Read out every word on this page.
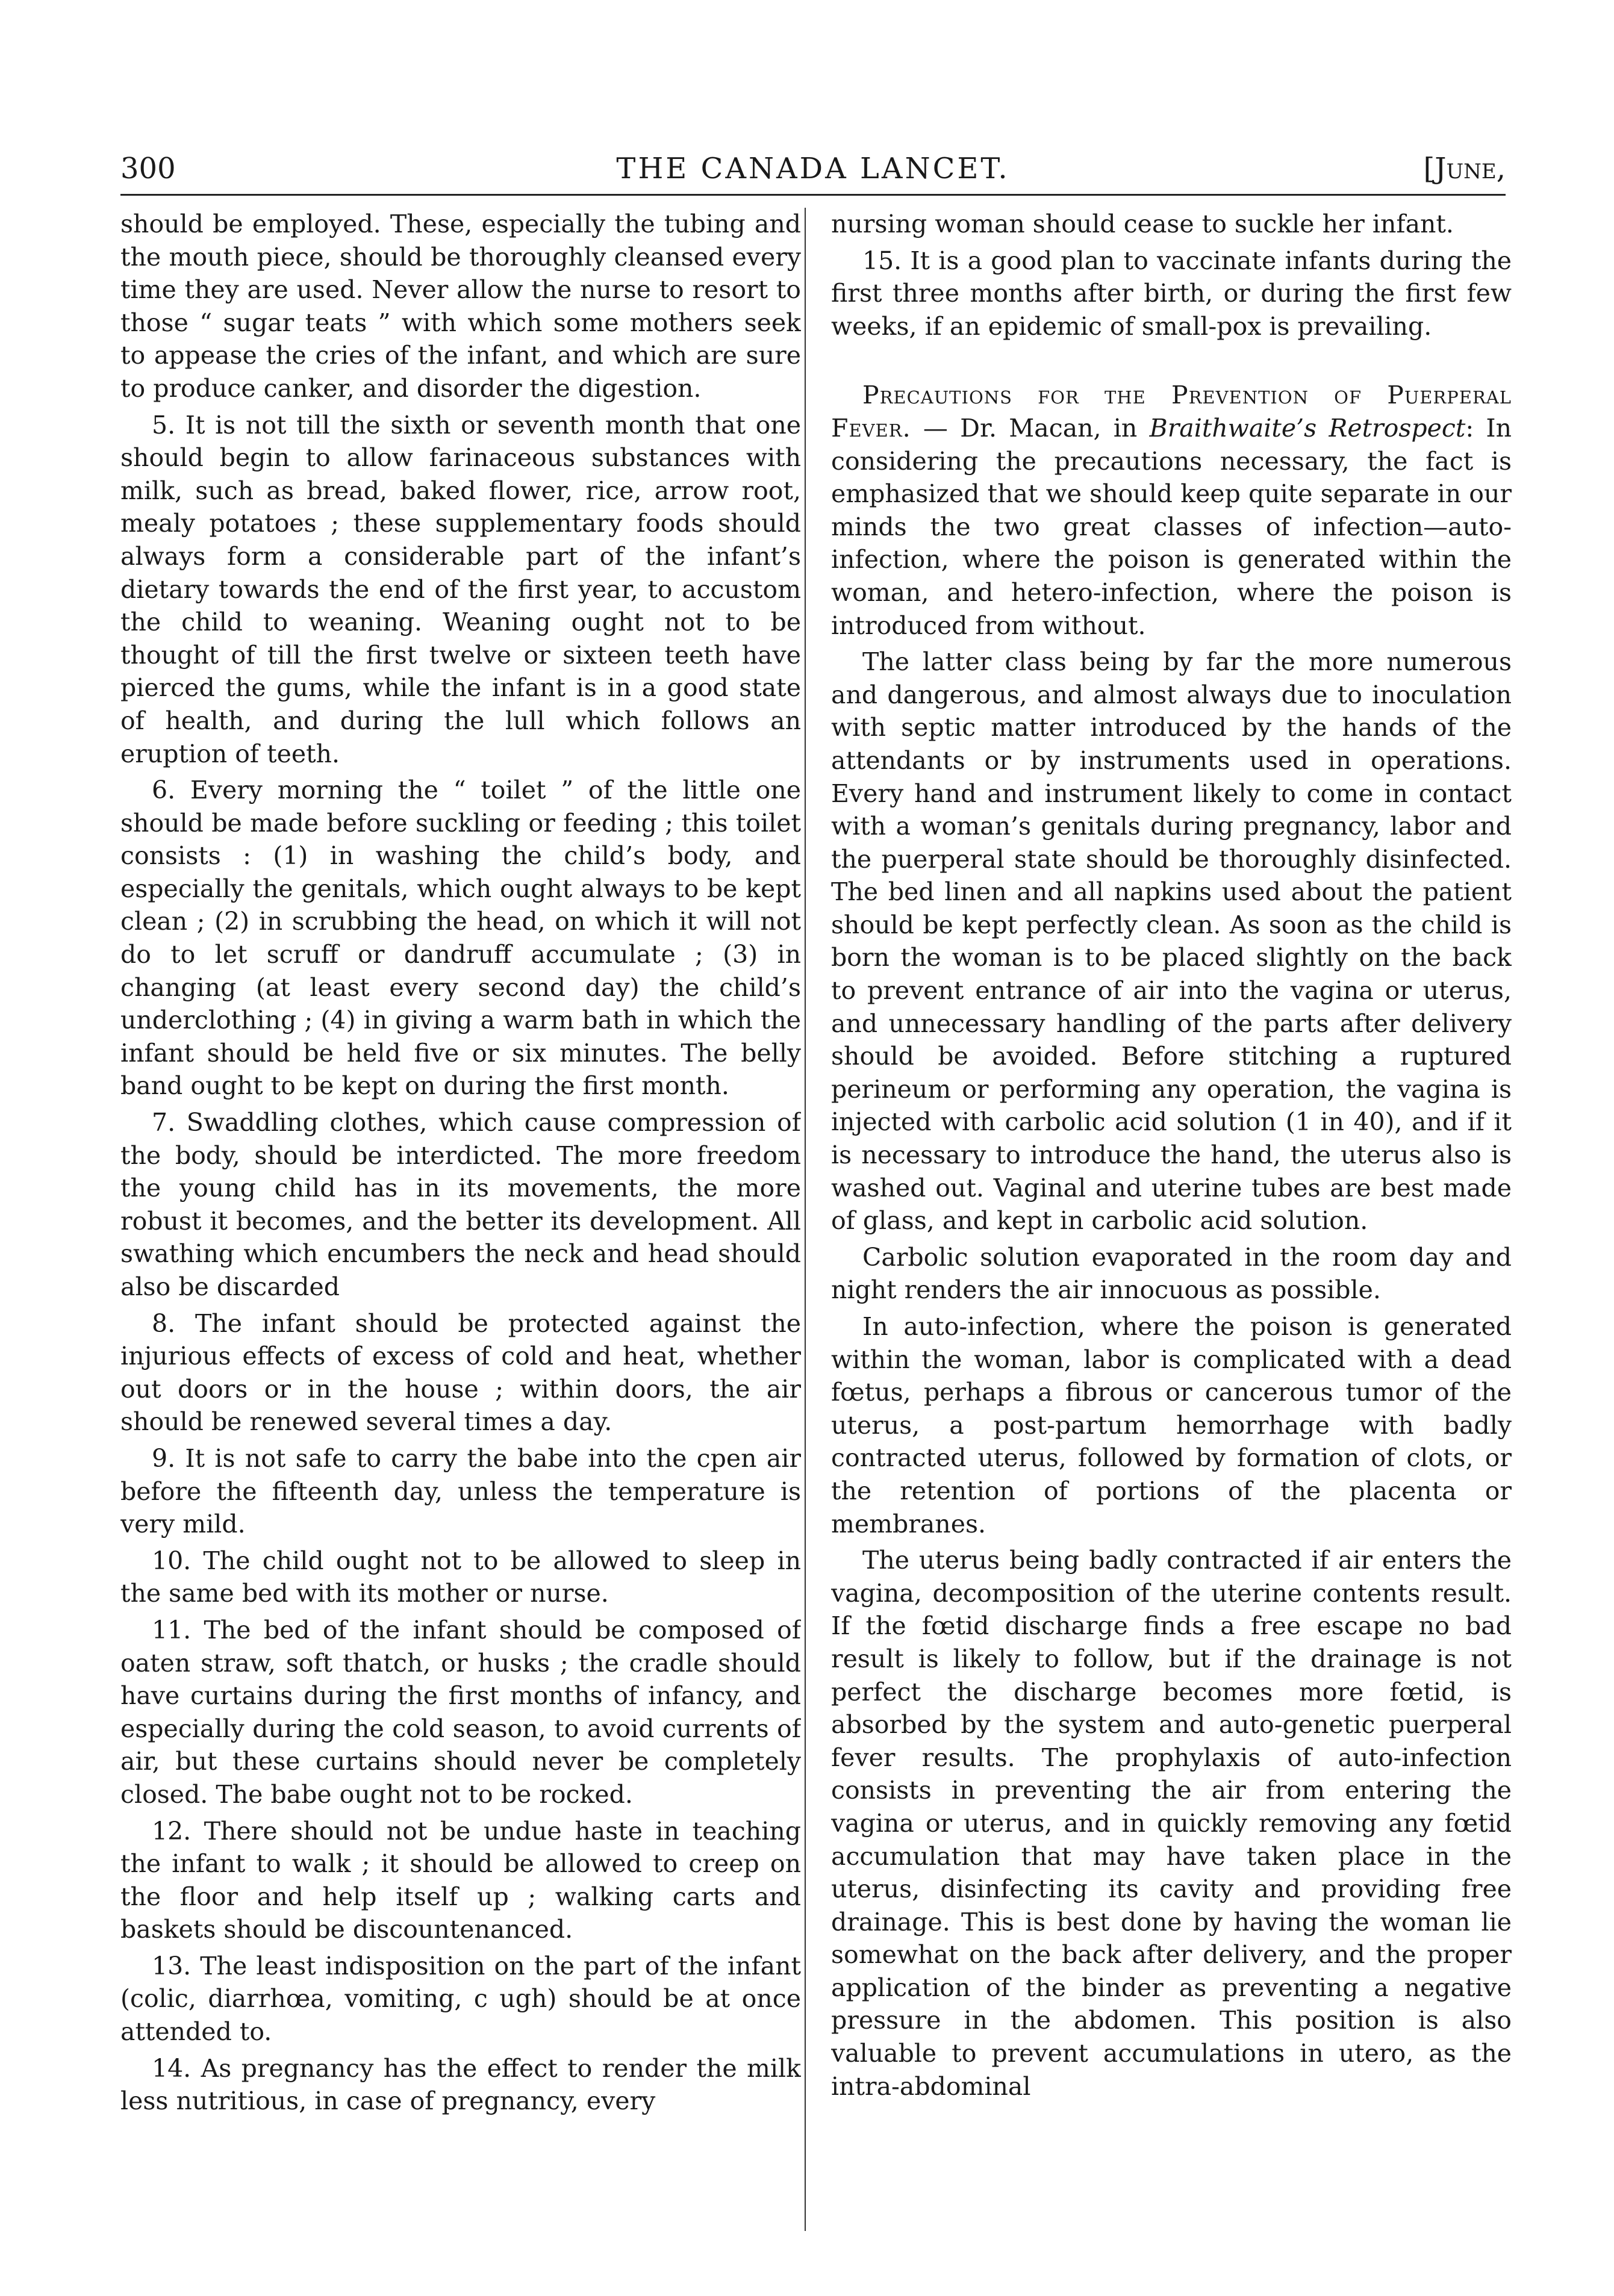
300	THE CANADA LANCET.	[June,

should be employed. These, especially the tubing and the mouth piece, should be thoroughly cleansed every time they are used. Never allow the nurse to resort to those “ sugar teats ” with which some mothers seek to appease the cries of the infant, and which are sure to produce canker, and disorder the digestion.

5. It is not till the sixth or seventh month that one should begin to allow farinaceous substances with milk, such as bread, baked flower, rice, arrow root, mealy potatoes ; these supplementary foods should always form a considerable part of the infant’s dietary towards the end of the first year, to accustom the child to weaning. Weaning ought not to be thought of till the first twelve or sixteen teeth have pierced the gums, while the infant is in a good state of health, and during the lull which follows an eruption of teeth.

6. Every morning the “ toilet ” of the little one should be made before suckling or feeding ; this toilet consists : (1) in washing the child’s body, and especially the genitals, which ought always to be kept clean ; (2) in scrubbing the head, on which it will not do to let scruff or dandruff accumulate ; (3) in changing (at least every second day) the child’s underclothing ; (4) in giving a warm bath in which the infant should be held five or six minutes. The belly band ought to be kept on during the first month.

7. Swaddling clothes, which cause compression of the body, should be interdicted. The more freedom the young child has in its movements, the more robust it becomes, and the better its development. All swathing which encumbers the neck and head should also be discarded

8. The infant should be protected against the injurious effects of excess of cold and heat, whether out doors or in the house ; within doors, the air should be renewed several times a day.

9. It is not safe to carry the babe into the cpen air before the fifteenth day, unless the temperature is very mild.

10. The child ought not to be allowed to sleep in the same bed with its mother or nurse.

11. The bed of the infant should be composed of oaten straw, soft thatch, or husks ; the cradle should have curtains during the first months of infancy, and especially during the cold season, to avoid currents of air, but these curtains should never be completely closed. The babe ought not to be rocked.

12. There should not be undue haste in teaching the infant to walk ; it should be allowed to creep on the floor and help itself up ; walking carts and baskets should be discountenanced.

13. The least indisposition on the part of the infant (colic, diarrhœa, vomiting, c ugh) should be at once attended to.

14. As pregnancy has the effect to render the milk less nutritious, in case of pregnancy, every

nursing woman should cease to suckle her infant.

15. It is a good plan to vaccinate infants during the first three months after birth, or during the first few weeks, if an epidemic of small-pox is prevailing.

Precautions for the Prevention of Puerperal Fever. — Dr. Macan, in Braithwaite’s Retrospect: In considering the precautions necessary, the fact is emphasized that we should keep quite separate in our minds the two great classes of infection—auto-infection, where the poison is generated within the woman, and hetero-infection, where the poison is introduced from without.

The latter class being by far the more numerous and dangerous, and almost always due to inoculation with septic matter introduced by the hands of the attendants or by instruments used in operations. Every hand and instrument likely to come in contact with a woman’s genitals during pregnancy, labor and the puerperal state should be thoroughly disinfected. The bed linen and all napkins used about the patient should be kept perfectly clean. As soon as the child is born the woman is to be placed slightly on the back to prevent entrance of air into the vagina or uterus, and unnecessary handling of the parts after delivery should be avoided. Before stitching a ruptured perineum or performing any operation, the vagina is injected with carbolic acid solution (1 in 40), and if it is necessary to introduce the hand, the uterus also is washed out. Vaginal and uterine tubes are best made of glass, and kept in carbolic acid solution.

Carbolic solution evaporated in the room day and night renders the air innocuous as possible.

In auto-infection, where the poison is generated within the woman, labor is complicated with a dead fœtus, perhaps a fibrous or cancerous tumor of the uterus, a post-partum hemorrhage with badly contracted uterus, followed by formation of clots, or the retention of portions of the placenta or membranes.

The uterus being badly contracted if air enters the vagina, decomposition of the uterine contents result. If the fœtid discharge finds a free escape no bad result is likely to follow, but if the drainage is not perfect the discharge becomes more fœtid, is absorbed by the system and auto-genetic puerperal fever results. The prophylaxis of auto-infection consists in preventing the air from entering the vagina or uterus, and in quickly removing any fœtid accumulation that may have taken place in the uterus, disinfecting its cavity and providing free drainage. This is best done by having the woman lie somewhat on the back after delivery, and the proper application of the binder as preventing a negative pressure in the abdomen. This position is also valuable to prevent accumulations in utero, as the intra-abdominal
